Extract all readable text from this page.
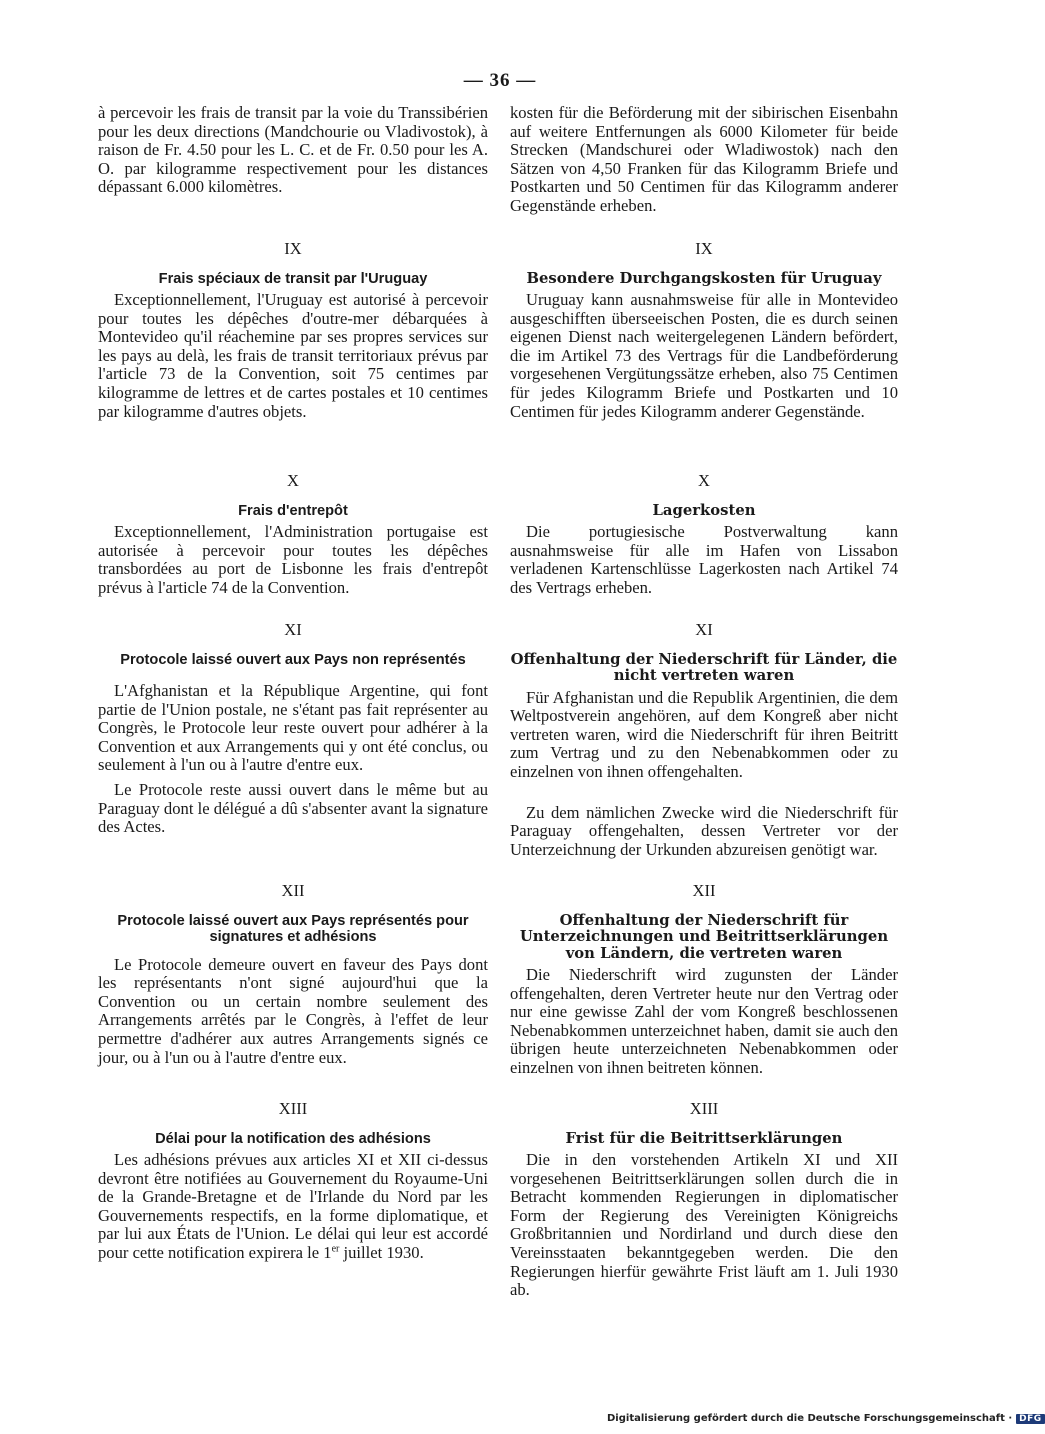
— 36 —

à percevoir les frais de transit par la voie du Transsibérien pour les deux directions (Mandchourie ou Vladivostok), à raison de Fr. 4.50 pour les L. C. et de Fr. 0.50 pour les A. O. par kilogramme respectivement pour les distances dépassant 6.000 kilomètres.

IX
Frais spéciaux de transit par l'Uruguay

Exceptionnellement, l'Uruguay est autorisé à percevoir pour toutes les dépêches d'outre-mer débarquées à Montevideo qu'il réachemine par ses propres services sur les pays au delà, les frais de transit territoriaux prévus par l'article 73 de la Convention, soit 75 centimes par kilogramme de lettres et de cartes postales et 10 centimes par kilogramme d'autres objets.

X
Frais d'entrepôt

Exceptionnellement, l'Administration portugaise est autorisée à percevoir pour toutes les dépêches transbordées au port de Lisbonne les frais d'entrepôt prévus à l'article 74 de la Convention.

XI
Protocole laissé ouvert aux Pays non représentés

L'Afghanistan et la République Argentine, qui font partie de l'Union postale, ne s'étant pas fait représenter au Congrès, le Protocole leur reste ouvert pour adhérer à la Convention et aux Arrangements qui y ont été conclus, ou seulement à l'un ou à l'autre d'entre eux.

Le Protocole reste aussi ouvert dans le même but au Paraguay dont le délégué a dû s'absenter avant la signature des Actes.

XII
Protocole laissé ouvert aux Pays représentés pour signatures et adhésions

Le Protocole demeure ouvert en faveur des Pays dont les représentants n'ont signé aujourd'hui que la Convention ou un certain nombre seulement des Arrangements arrêtés par le Congrès, à l'effet de leur permettre d'adhérer aux autres Arrangements signés ce jour, ou à l'un ou à l'autre d'entre eux.

XIII
Délai pour la notification des adhésions

Les adhésions prévues aux articles XI et XII ci-dessus devront être notifiées au Gouvernement du Royaume-Uni de la Grande-Bretagne et de l'Irlande du Nord par les Gouvernements respectifs, en la forme diplomatique, et par lui aux États de l'Union. Le délai qui leur est accordé pour cette notification expirera le 1er juillet 1930.

kosten für die Beförderung mit der sibirischen Eisenbahn auf weitere Entfernungen als 6000 Kilometer für beide Strecken (Mandschurei oder Wladiwostok) nach den Sätzen von 4,50 Franken für das Kilogramm Briefe und Postkarten und 50 Centimen für das Kilogramm anderer Gegenstände erheben.

IX
Besondere Durchgangskosten für Uruguay

Uruguay kann ausnahmsweise für alle in Montevideo ausgeschifften überseeischen Posten, die es durch seinen eigenen Dienst nach weitergelegenen Ländern befördert, die im Artikel 73 des Vertrags für die Landbeförderung vorgesehenen Vergütungssätze erheben, also 75 Centimen für jedes Kilogramm Briefe und Postkarten und 10 Centimen für jedes Kilogramm anderer Gegenstände.

X
Lagerkosten

Die portugiesische Postverwaltung kann ausnahmsweise für alle im Hafen von Lissabon verladenen Kartenschlüsse Lagerkosten nach Artikel 74 des Vertrags erheben.

XI
Offenhaltung der Niederschrift für Länder, die nicht vertreten waren

Für Afghanistan und die Republik Argentinien, die dem Weltpostverein angehören, auf dem Kongreß aber nicht vertreten waren, wird die Niederschrift für ihren Beitritt zum Vertrag und zu den Nebenabkommen oder zu einzelnen von ihnen offengehalten.

Zu dem nämlichen Zwecke wird die Niederschrift für Paraguay offengehalten, dessen Vertreter vor der Unterzeichnung der Urkunden abzureisen genötigt war.

XII
Offenhaltung der Niederschrift für Unterzeichnungen und Beitrittserklärungen von Ländern, die vertreten waren

Die Niederschrift wird zugunsten der Länder offengehalten, deren Vertreter heute nur den Vertrag oder nur eine gewisse Zahl der vom Kongreß beschlossenen Nebenabkommen unterzeichnet haben, damit sie auch den übrigen heute unterzeichneten Nebenabkommen oder einzelnen von ihnen beitreten können.

XIII
Frist für die Beitrittserklärungen

Die in den vorstehenden Artikeln XI und XII vorgesehenen Beitrittserklärungen sollen durch die in Betracht kommenden Regierungen in diplomatischer Form der Regierung des Vereinigten Königreichs Großbritannien und Nordirland und durch diese den Vereinsstaaten bekanntgegeben werden. Die den Regierungen hierfür gewährte Frist läuft am 1. Juli 1930 ab.

Digitalisierung gefördert durch die Deutsche Forschungsgemeinschaft · DFG
